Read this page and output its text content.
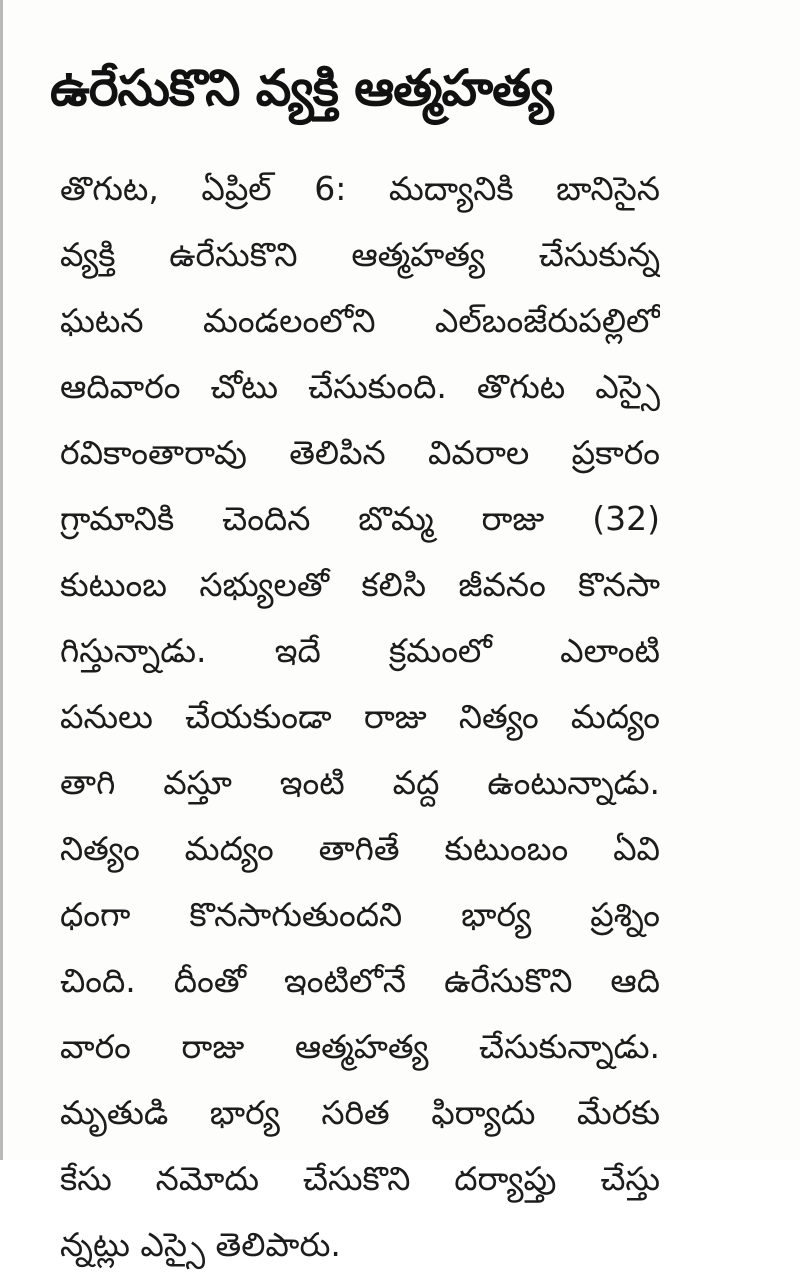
ఉరేసుకొని వ్యక్తి ఆత్మహత్య
తొగుట, ఏప్రిల్ 6: మద్యానికి బానిసైన
వ్యక్తి ఉరేసుకొని ఆత్మహత్య చేసుకున్న
ఘటన మండలంలోని ఎల్‌బంజేరుపల్లిలో
ఆదివారం చోటు చేసుకుంది. తొగుట ఎస్సై
రవికాంతారావు తెలిపిన వివరాల ప్రకారం
గ్రామానికి చెందిన బొమ్మ రాజు (32)
కుటుంబ సభ్యులతో కలిసి జీవనం కొనసా
గిస్తున్నాడు. ఇదే క్రమంలో ఎలాంటి
పనులు చేయకుండా రాజు నిత్యం మద్యం
తాగి వస్తూ ఇంటి వద్ద ఉంటున్నాడు.
నిత్యం మద్యం తాగితే కుటుంబం ఏవి
ధంగా కొనసాగుతుందని భార్య ప్రశ్నిం
చింది. దీంతో ఇంటిలోనే ఉరేసుకొని ఆది
వారం రాజు ఆత్మహత్య చేసుకున్నాడు.
మృతుడి భార్య సరిత ఫిర్యాదు మేరకు
కేసు నమోదు చేసుకొని దర్యాప్తు చేస్తు
న్నట్లు ఎస్సై తెలిపారు.
